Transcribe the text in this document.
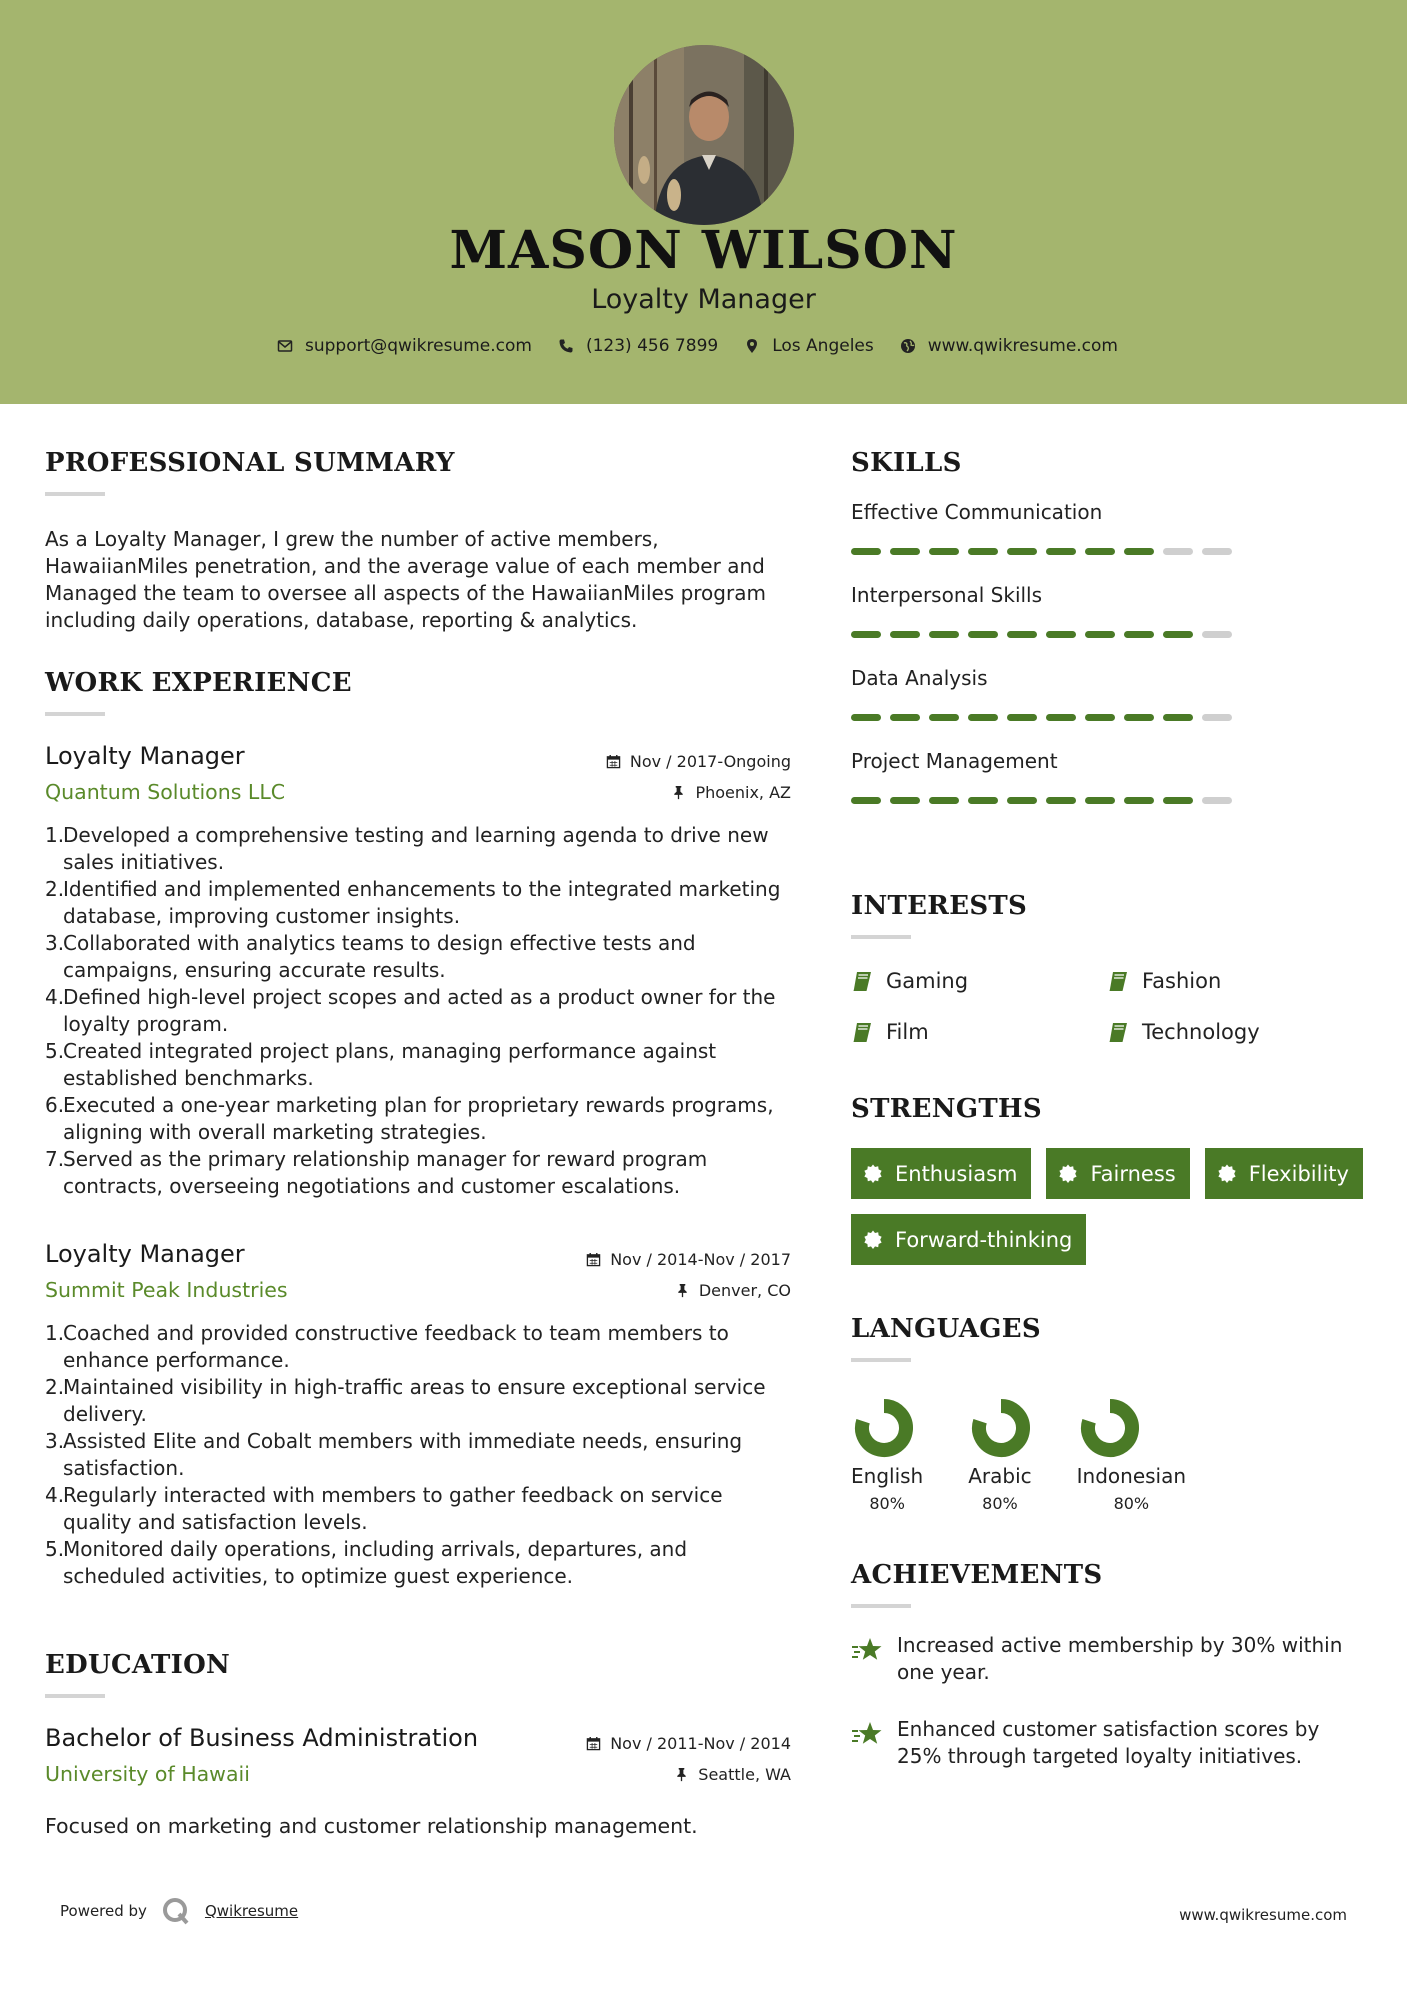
MASON WILSON
Loyalty Manager
support@qwikresume.com	(123) 456 7899	Los Angeles	www.qwikresume.com
PROFESSIONAL SUMMARY

As a Loyalty Manager, I grew the number of active members, HawaiianMiles penetration, and the average value of each member and Managed the team to oversee all aspects of the HawaiianMiles program including daily operations, database, reporting & analytics.

WORK EXPERIENCE
Loyalty Manager
Quantum Solutions LLC
Nov / 2017-Ongoing
Phoenix, AZ
1.Developed a comprehensive testing and learning agenda to drive new sales initiatives.
2.Identified and implemented enhancements to the integrated marketing database, improving customer insights.
3.Collaborated with analytics teams to design effective tests and campaigns, ensuring accurate results.
4.Defined high-level project scopes and acted as a product owner for the loyalty program.
5.Created integrated project plans, managing performance against established benchmarks.
6.Executed a one-year marketing plan for proprietary rewards programs, aligning with overall marketing strategies.
7.Served as the primary relationship manager for reward program contracts, overseeing negotiations and customer escalations.
Loyalty Manager
Summit Peak Industries
Nov / 2014-Nov / 2017
Denver, CO
1.Coached and provided constructive feedback to team members to enhance performance.
2.Maintained visibility in high-traffic areas to ensure exceptional service delivery.
3.Assisted Elite and Cobalt members with immediate needs, ensuring satisfaction.
4.Regularly interacted with members to gather feedback on service quality and satisfaction levels.
5.Monitored daily operations, including arrivals, departures, and scheduled activities, to optimize guest experience.
EDUCATION
Bachelor of Business Administration
University of Hawaii
Nov / 2011-Nov / 2014
Seattle, WA

Focused on marketing and customer relationship management.

SKILLS
Effective Communication
Interpersonal Skills
Data Analysis
Project Management
INTERESTS
Gaming	Fashion
Film	Technology
STRENGTHS
Enthusiasm	Fairness	Flexibility
Forward-thinking
LANGUAGES
English
80%
Arabic
80%
Indonesian
80%
ACHIEVEMENTS
Increased active membership by 30% within one year.
Enhanced customer satisfaction scores by 25% through targeted loyalty initiatives.
Powered by	Qwikresume	www.qwikresume.com
